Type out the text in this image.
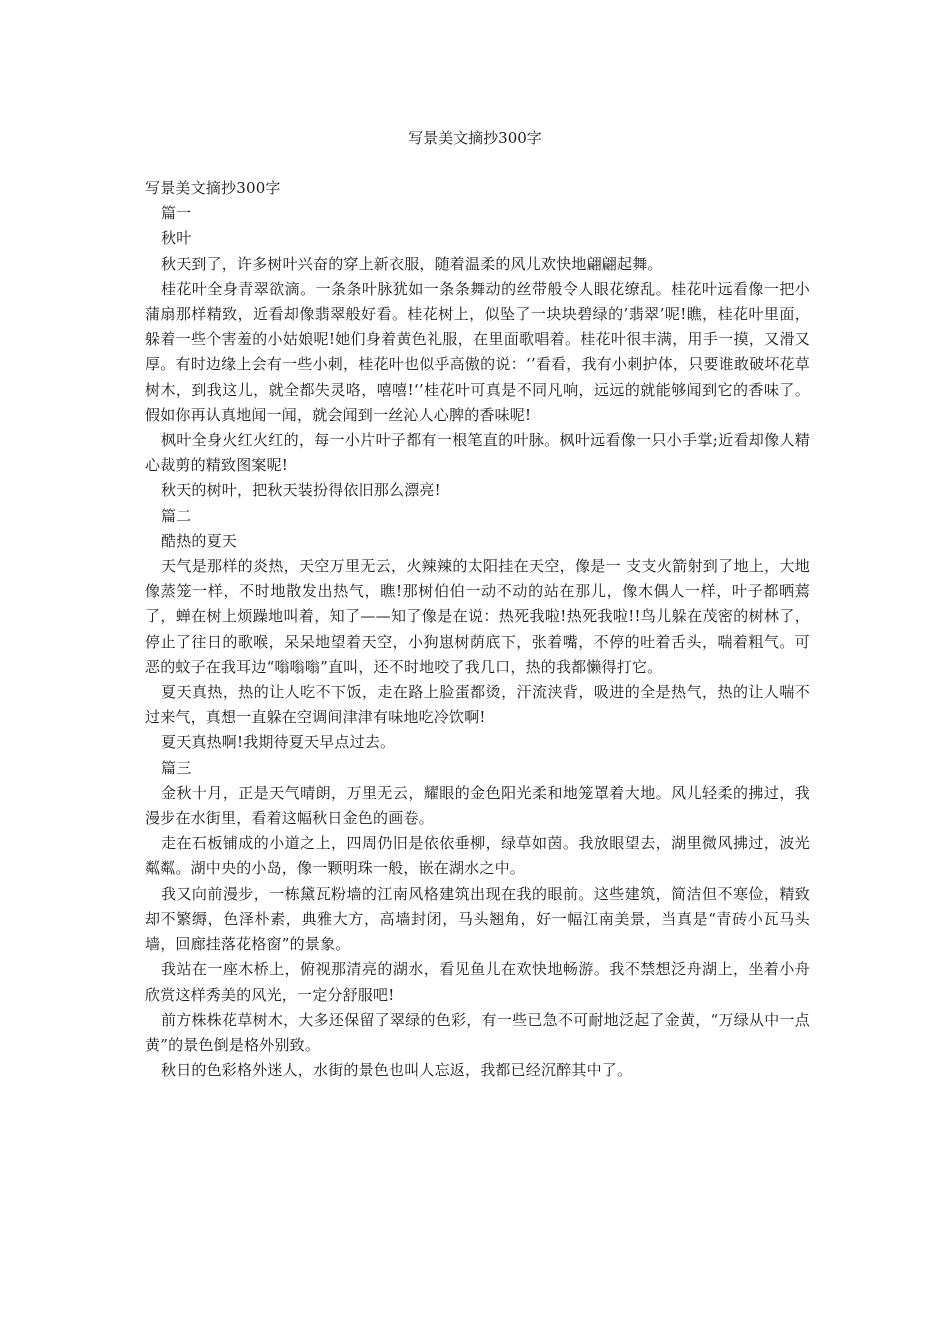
写景美文摘抄300字

写景美文摘抄300字

篇一

秋叶

秋天到了，许多树叶兴奋的穿上新衣服，随着温柔的风儿欢快地翩翩起舞。

桂花叶全身青翠欲滴。一条条叶脉犹如一条条舞动的丝带般令人眼花缭乱。桂花叶远看像一把小蒲扇那样精致，近看却像翡翠般好看。桂花树上，似坠了一块块碧绿的’翡翠’呢!瞧，桂花叶里面，躲着一些个害羞的小姑娘呢!她们身着黄色礼服，在里面歌唱着。桂花叶很丰满，用手一摸，又滑又厚。有时边缘上会有一些小刺，桂花叶也似乎高傲的说：‘’看看，我有小刺护体，只要谁敢破坏花草树木，到我这儿，就全都失灵咯，嘻嘻!‘’桂花叶可真是不同凡响，远远的就能够闻到它的香味了。假如你再认真地闻一闻，就会闻到一丝沁人心脾的香味呢!

枫叶全身火红火红的，每一小片叶子都有一根笔直的叶脉。枫叶远看像一只小手掌;近看却像人精心裁剪的精致图案呢!

秋天的树叶，把秋天装扮得依旧那么漂亮!

篇二

酷热的夏天

天气是那样的炎热，天空万里无云，火辣辣的太阳挂在天空，像是一 支支火箭射到了地上，大地像蒸笼一样，不时地散发出热气，瞧!那树伯伯一动不动的站在那儿，像木偶人一样，叶子都晒蔫了，蝉在树上烦躁地叫着，知了——知了像是在说：热死我啦!热死我啦!!鸟儿躲在茂密的树林了，停止了往日的歌喉，呆呆地望着天空，小狗崽树荫底下，张着嘴，不停的吐着舌头，喘着粗气。可恶的蚊子在我耳边“嗡嗡嗡”直叫，还不时地咬了我几口，热的我都懒得打它。

夏天真热，热的让人吃不下饭，走在路上脸蛋都烫，汗流浃背，吸进的全是热气，热的让人喘不过来气，真想一直躲在空调间津津有味地吃冷饮啊!

夏天真热啊!我期待夏天早点过去。

篇三

金秋十月，正是天气晴朗，万里无云，耀眼的金色阳光柔和地笼罩着大地。风儿轻柔的拂过，我漫步在水街里，看着这幅秋日金色的画卷。

走在石板铺成的小道之上，四周仍旧是依依垂柳，绿草如茵。我放眼望去，湖里微风拂过，波光粼粼。湖中央的小岛，像一颗明珠一般，嵌在湖水之中。

我又向前漫步，一栋黛瓦粉墙的江南风格建筑出现在我的眼前。这些建筑，简洁但不寒俭，精致却不繁缛，色泽朴素，典雅大方，高墙封闭，马头翘角，好一幅江南美景，当真是“青砖小瓦马头墙，回廊挂落花格窗”的景象。

我站在一座木桥上，俯视那清亮的湖水，看见鱼儿在欢快地畅游。我不禁想泛舟湖上，坐着小舟欣赏这样秀美的风光，一定分舒服吧!

前方株株花草树木，大多还保留了翠绿的色彩，有一些已急不可耐地泛起了金黄，“万绿从中一点黄”的景色倒是格外别致。

秋日的色彩格外迷人，水街的景色也叫人忘返，我都已经沉醉其中了。
